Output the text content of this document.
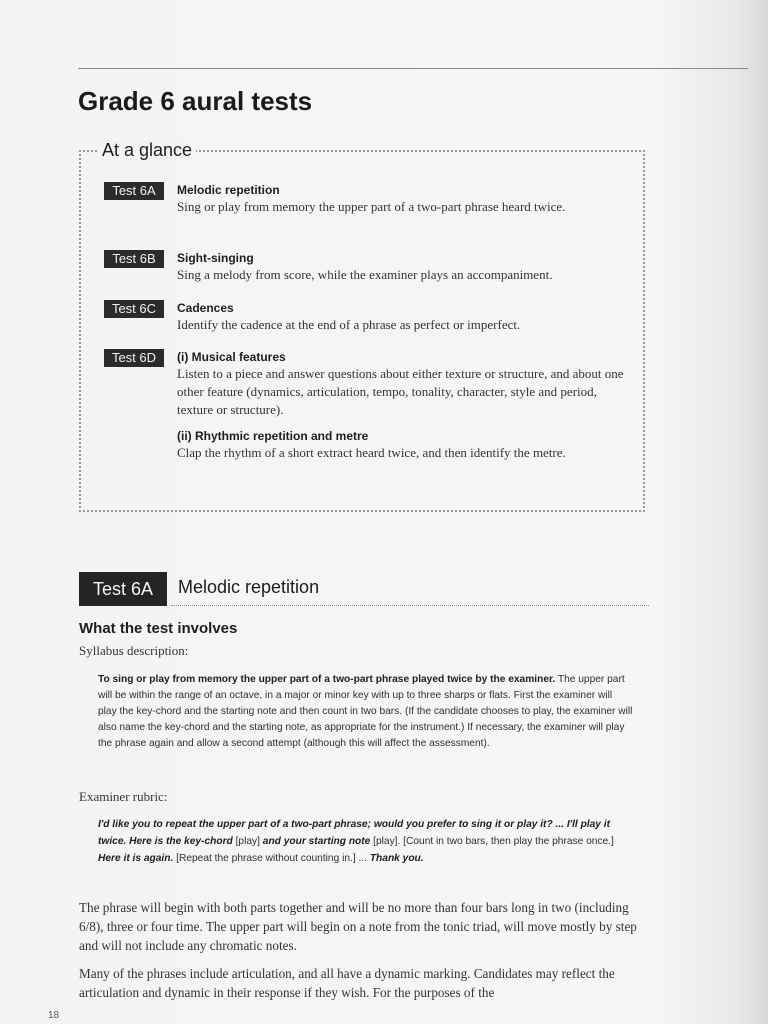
Grade 6 aural tests
At a glance
Test 6A	Melodic repetition
Sing or play from memory the upper part of a two-part phrase heard twice.
Test 6B	Sight-singing
Sing a melody from score, while the examiner plays an accompaniment.
Test 6C	Cadences
Identify the cadence at the end of a phrase as perfect or imperfect.
Test 6D	(i) Musical features
Listen to a piece and answer questions about either texture or structure, and about one other feature (dynamics, articulation, tempo, tonality, character, style and period, texture or structure).
(ii) Rhythmic repetition and metre
Clap the rhythm of a short extract heard twice, and then identify the metre.
Test 6A	Melodic repetition
What the test involves
Syllabus description:
To sing or play from memory the upper part of a two-part phrase played twice by the examiner. The upper part will be within the range of an octave, in a major or minor key with up to three sharps or flats. First the examiner will play the key-chord and the starting note and then count in two bars. (If the candidate chooses to play, the examiner will also name the key-chord and the starting note, as appropriate for the instrument.) If necessary, the examiner will play the phrase again and allow a second attempt (although this will affect the assessment).
Examiner rubric:
I'd like you to repeat the upper part of a two-part phrase; would you prefer to sing it or play it? ... I'll play it twice. Here is the key-chord [play] and your starting note [play]. [Count in two bars, then play the phrase once.] Here it is again. [Repeat the phrase without counting in.] ... Thank you.
The phrase will begin with both parts together and will be no more than four bars long in two (including 6/8), three or four time. The upper part will begin on a note from the tonic triad, will move mostly by step and will not include any chromatic notes.
Many of the phrases include articulation, and all have a dynamic marking. Candidates may reflect the articulation and dynamic in their response if they wish. For the purposes of the
18
